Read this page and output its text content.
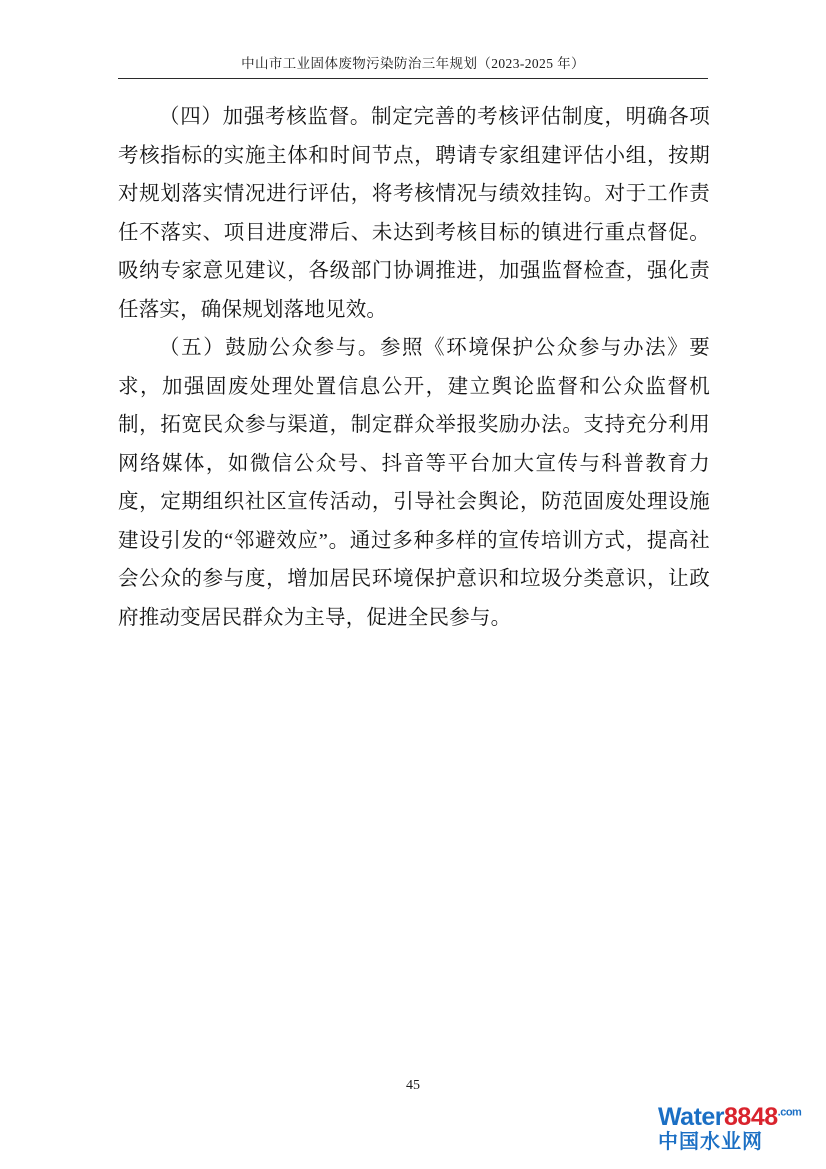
中山市工业固体废物污染防治三年规划（2023-2025 年）

（四）加强考核监督。制定完善的考核评估制度，明确各项考核指标的实施主体和时间节点，聘请专家组建评估小组，按期对规划落实情况进行评估，将考核情况与绩效挂钩。对于工作责任不落实、项目进度滞后、未达到考核目标的镇进行重点督促。吸纳专家意见建议，各级部门协调推进，加强监督检查，强化责任落实，确保规划落地见效。

（五）鼓励公众参与。参照《环境保护公众参与办法》要求，加强固废处理处置信息公开，建立舆论监督和公众监督机制，拓宽民众参与渠道，制定群众举报奖励办法。支持充分利用网络媒体，如微信公众号、抖音等平台加大宣传与科普教育力度，定期组织社区宣传活动，引导社会舆论，防范固废处理设施建设引发的“邻避效应”。通过多种多样的宣传培训方式，提高社会公众的参与度，增加居民环境保护意识和垃圾分类意识，让政府推动变居民群众为主导，促进全民参与。

45
$Water8848^{.com}$
中国水业网
